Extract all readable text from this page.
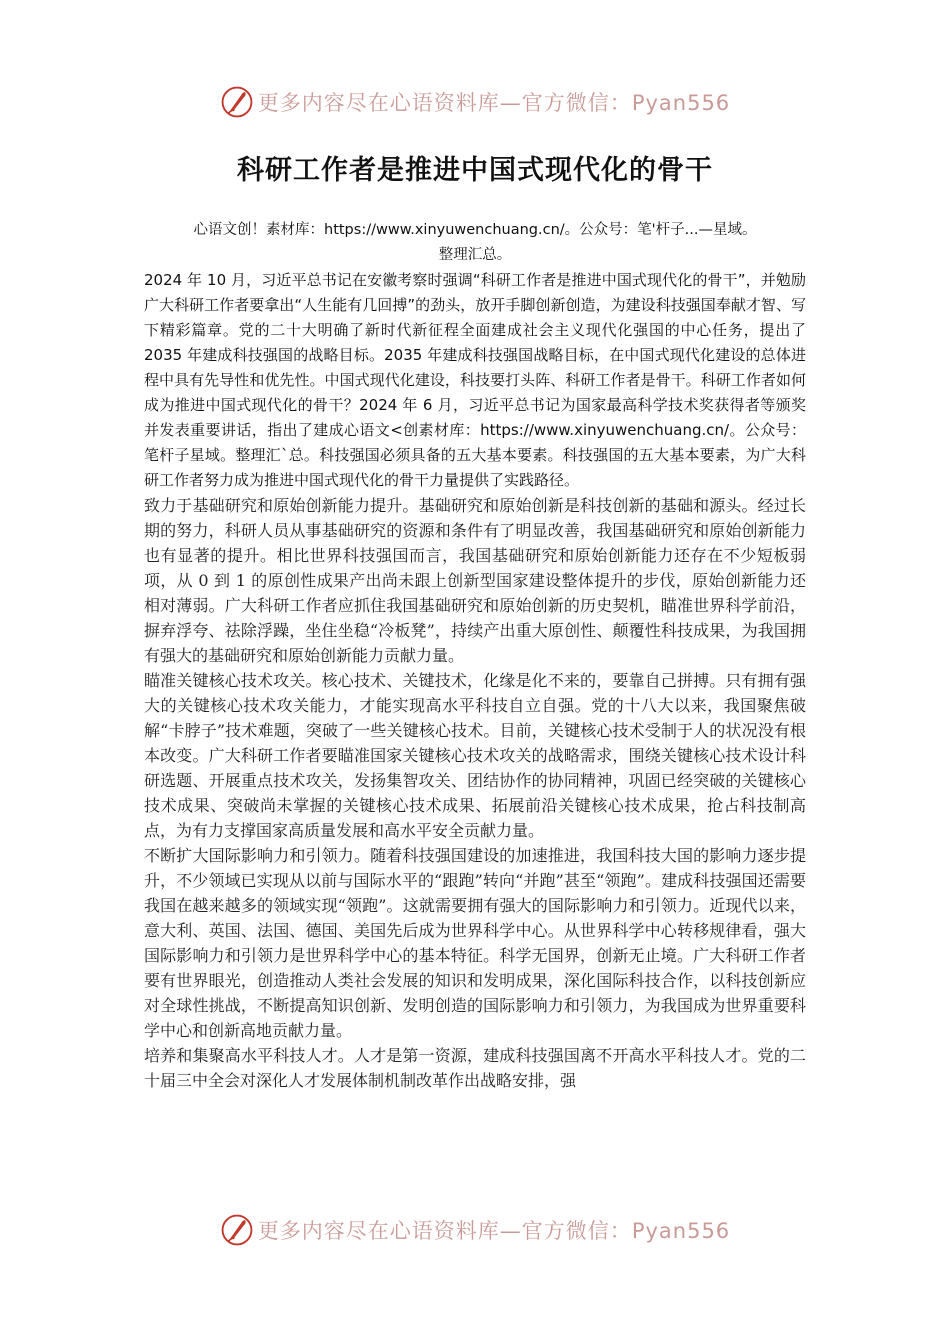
更多内容尽在心语资料库—官方微信：Pyan556
科研工作者是推进中国式现代化的骨干
心语文创！素材库：https://www.xinyuwenchuang.cn/。公众号：笔'杆子...—星域。
整理汇总。

2024 年 10 月，习近平总书记在安徽考察时强调“科研工作者是推进中国式现代化的骨干”，并勉励广大科研工作者要拿出“人生能有几回搏”的劲头，放开手脚创新创造，为建设科技强国奉献才智、写下精彩篇章。党的二十大明确了新时代新征程全面建成社会主义现代化强国的中心任务，提出了 2035 年建成科技强国的战略目标。2035 年建成科技强国战略目标，在中国式现代化建设的总体进程中具有先导性和优先性。中国式现代化建设，科技要打头阵、科研工作者是骨干。科研工作者如何成为推进中国式现代化的骨干？2024 年 6 月，习近平总书记为国家最高科学技术奖获得者等颁奖并发表重要讲话，指出了建成心语文<创素材库：https://www.xinyuwenchuang.cn/。公众号：笔杆子星域。整理汇`总。科技强国必须具备的五大基本要素。科技强国的五大基本要素，为广大科研工作者努力成为推进中国式现代化的骨干力量提供了实践路径。

致力于基础研究和原始创新能力提升。基础研究和原始创新是科技创新的基础和源头。经过长期的努力，科研人员从事基础研究的资源和条件有了明显改善，我国基础研究和原始创新能力也有显著的提升。相比世界科技强国而言，我国基础研究和原始创新能力还存在不少短板弱项，从 0 到 1 的原创性成果产出尚未跟上创新型国家建设整体提升的步伐，原始创新能力还相对薄弱。广大科研工作者应抓住我国基础研究和原始创新的历史契机，瞄准世界科学前沿，摒弃浮夸、祛除浮躁，坐住坐稳“冷板凳”，持续产出重大原创性、颠覆性科技成果，为我国拥有强大的基础研究和原始创新能力贡献力量。

瞄准关键核心技术攻关。核心技术、关键技术，化缘是化不来的，要靠自己拼搏。只有拥有强大的关键核心技术攻关能力，才能实现高水平科技自立自强。党的十八大以来，我国聚焦破解“卡脖子”技术难题，突破了一些关键核心技术。目前，关键核心技术受制于人的状况没有根本改变。广大科研工作者要瞄准国家关键核心技术攻关的战略需求，围绕关键核心技术设计科研选题、开展重点技术攻关，发扬集智攻关、团结协作的协同精神，巩固已经突破的关键核心技术成果、突破尚未掌握的关键核心技术成果、拓展前沿关键核心技术成果，抢占科技制高点，为有力支撑国家高质量发展和高水平安全贡献力量。

不断扩大国际影响力和引领力。随着科技强国建设的加速推进，我国科技大国的影响力逐步提升，不少领域已实现从以前与国际水平的“跟跑”转向“并跑”甚至“领跑”。建成科技强国还需要我国在越来越多的领域实现“领跑”。这就需要拥有强大的国际影响力和引领力。近现代以来，意大利、英国、法国、德国、美国先后成为世界科学中心。从世界科学中心转移规律看，强大国际影响力和引领力是世界科学中心的基本特征。科学无国界，创新无止境。广大科研工作者要有世界眼光，创造推动人类社会发展的知识和发明成果，深化国际科技合作，以科技创新应对全球性挑战，不断提高知识创新、发明创造的国际影响力和引领力，为我国成为世界重要科学中心和创新高地贡献力量。

培养和集聚高水平科技人才。人才是第一资源，建成科技强国离不开高水平科技人才。党的二十届三中全会对深化人才发展体制机制改革作出战略安排，强

更多内容尽在心语资料库—官方微信：Pyan556
